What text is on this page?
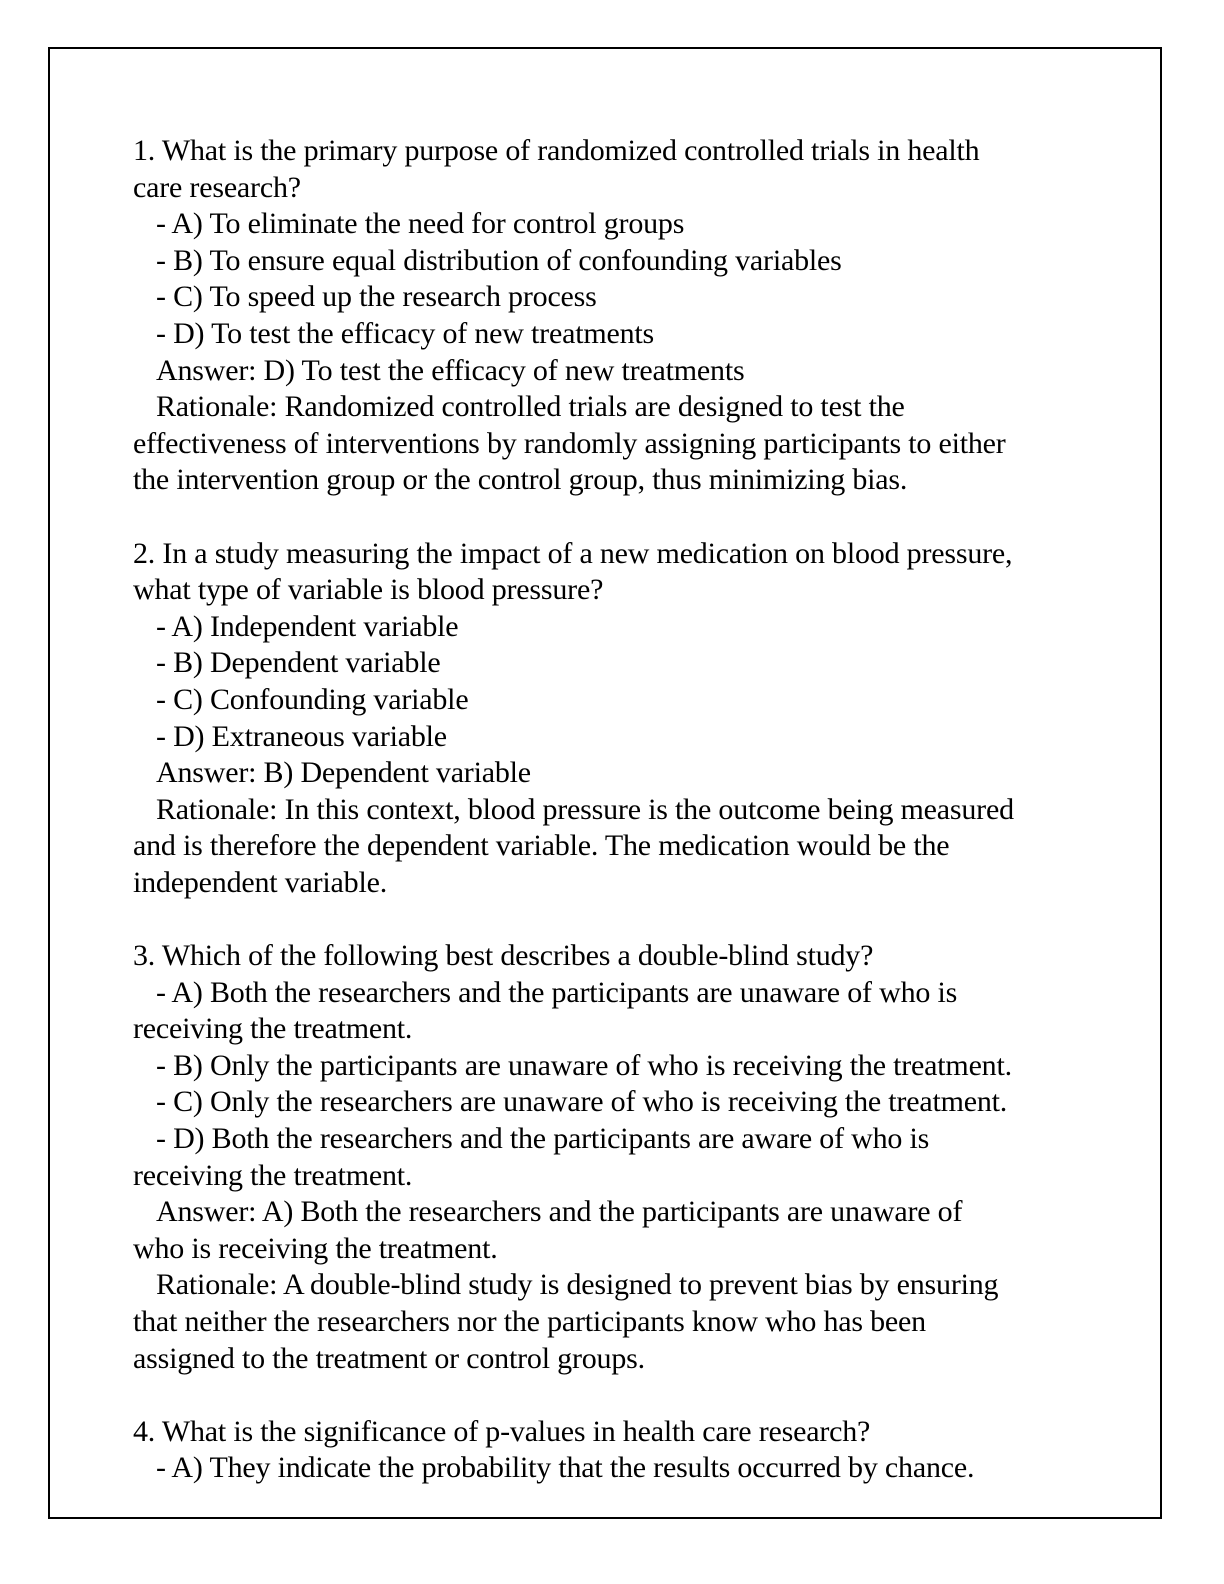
1. What is the primary purpose of randomized controlled trials in health
care research?
- A) To eliminate the need for control groups
- B) To ensure equal distribution of confounding variables
- C) To speed up the research process
- D) To test the efficacy of new treatments
Answer: D) To test the efficacy of new treatments
Rationale: Randomized controlled trials are designed to test the
effectiveness of interventions by randomly assigning participants to either
the intervention group or the control group, thus minimizing bias.
2. In a study measuring the impact of a new medication on blood pressure,
what type of variable is blood pressure?
- A) Independent variable
- B) Dependent variable
- C) Confounding variable
- D) Extraneous variable
Answer: B) Dependent variable
Rationale: In this context, blood pressure is the outcome being measured
and is therefore the dependent variable. The medication would be the
independent variable.
3. Which of the following best describes a double-blind study?
- A) Both the researchers and the participants are unaware of who is
receiving the treatment.
- B) Only the participants are unaware of who is receiving the treatment.
- C) Only the researchers are unaware of who is receiving the treatment.
- D) Both the researchers and the participants are aware of who is
receiving the treatment.
Answer: A) Both the researchers and the participants are unaware of
who is receiving the treatment.
Rationale: A double-blind study is designed to prevent bias by ensuring
that neither the researchers nor the participants know who has been
assigned to the treatment or control groups.
4. What is the significance of p-values in health care research?
- A) They indicate the probability that the results occurred by chance.
